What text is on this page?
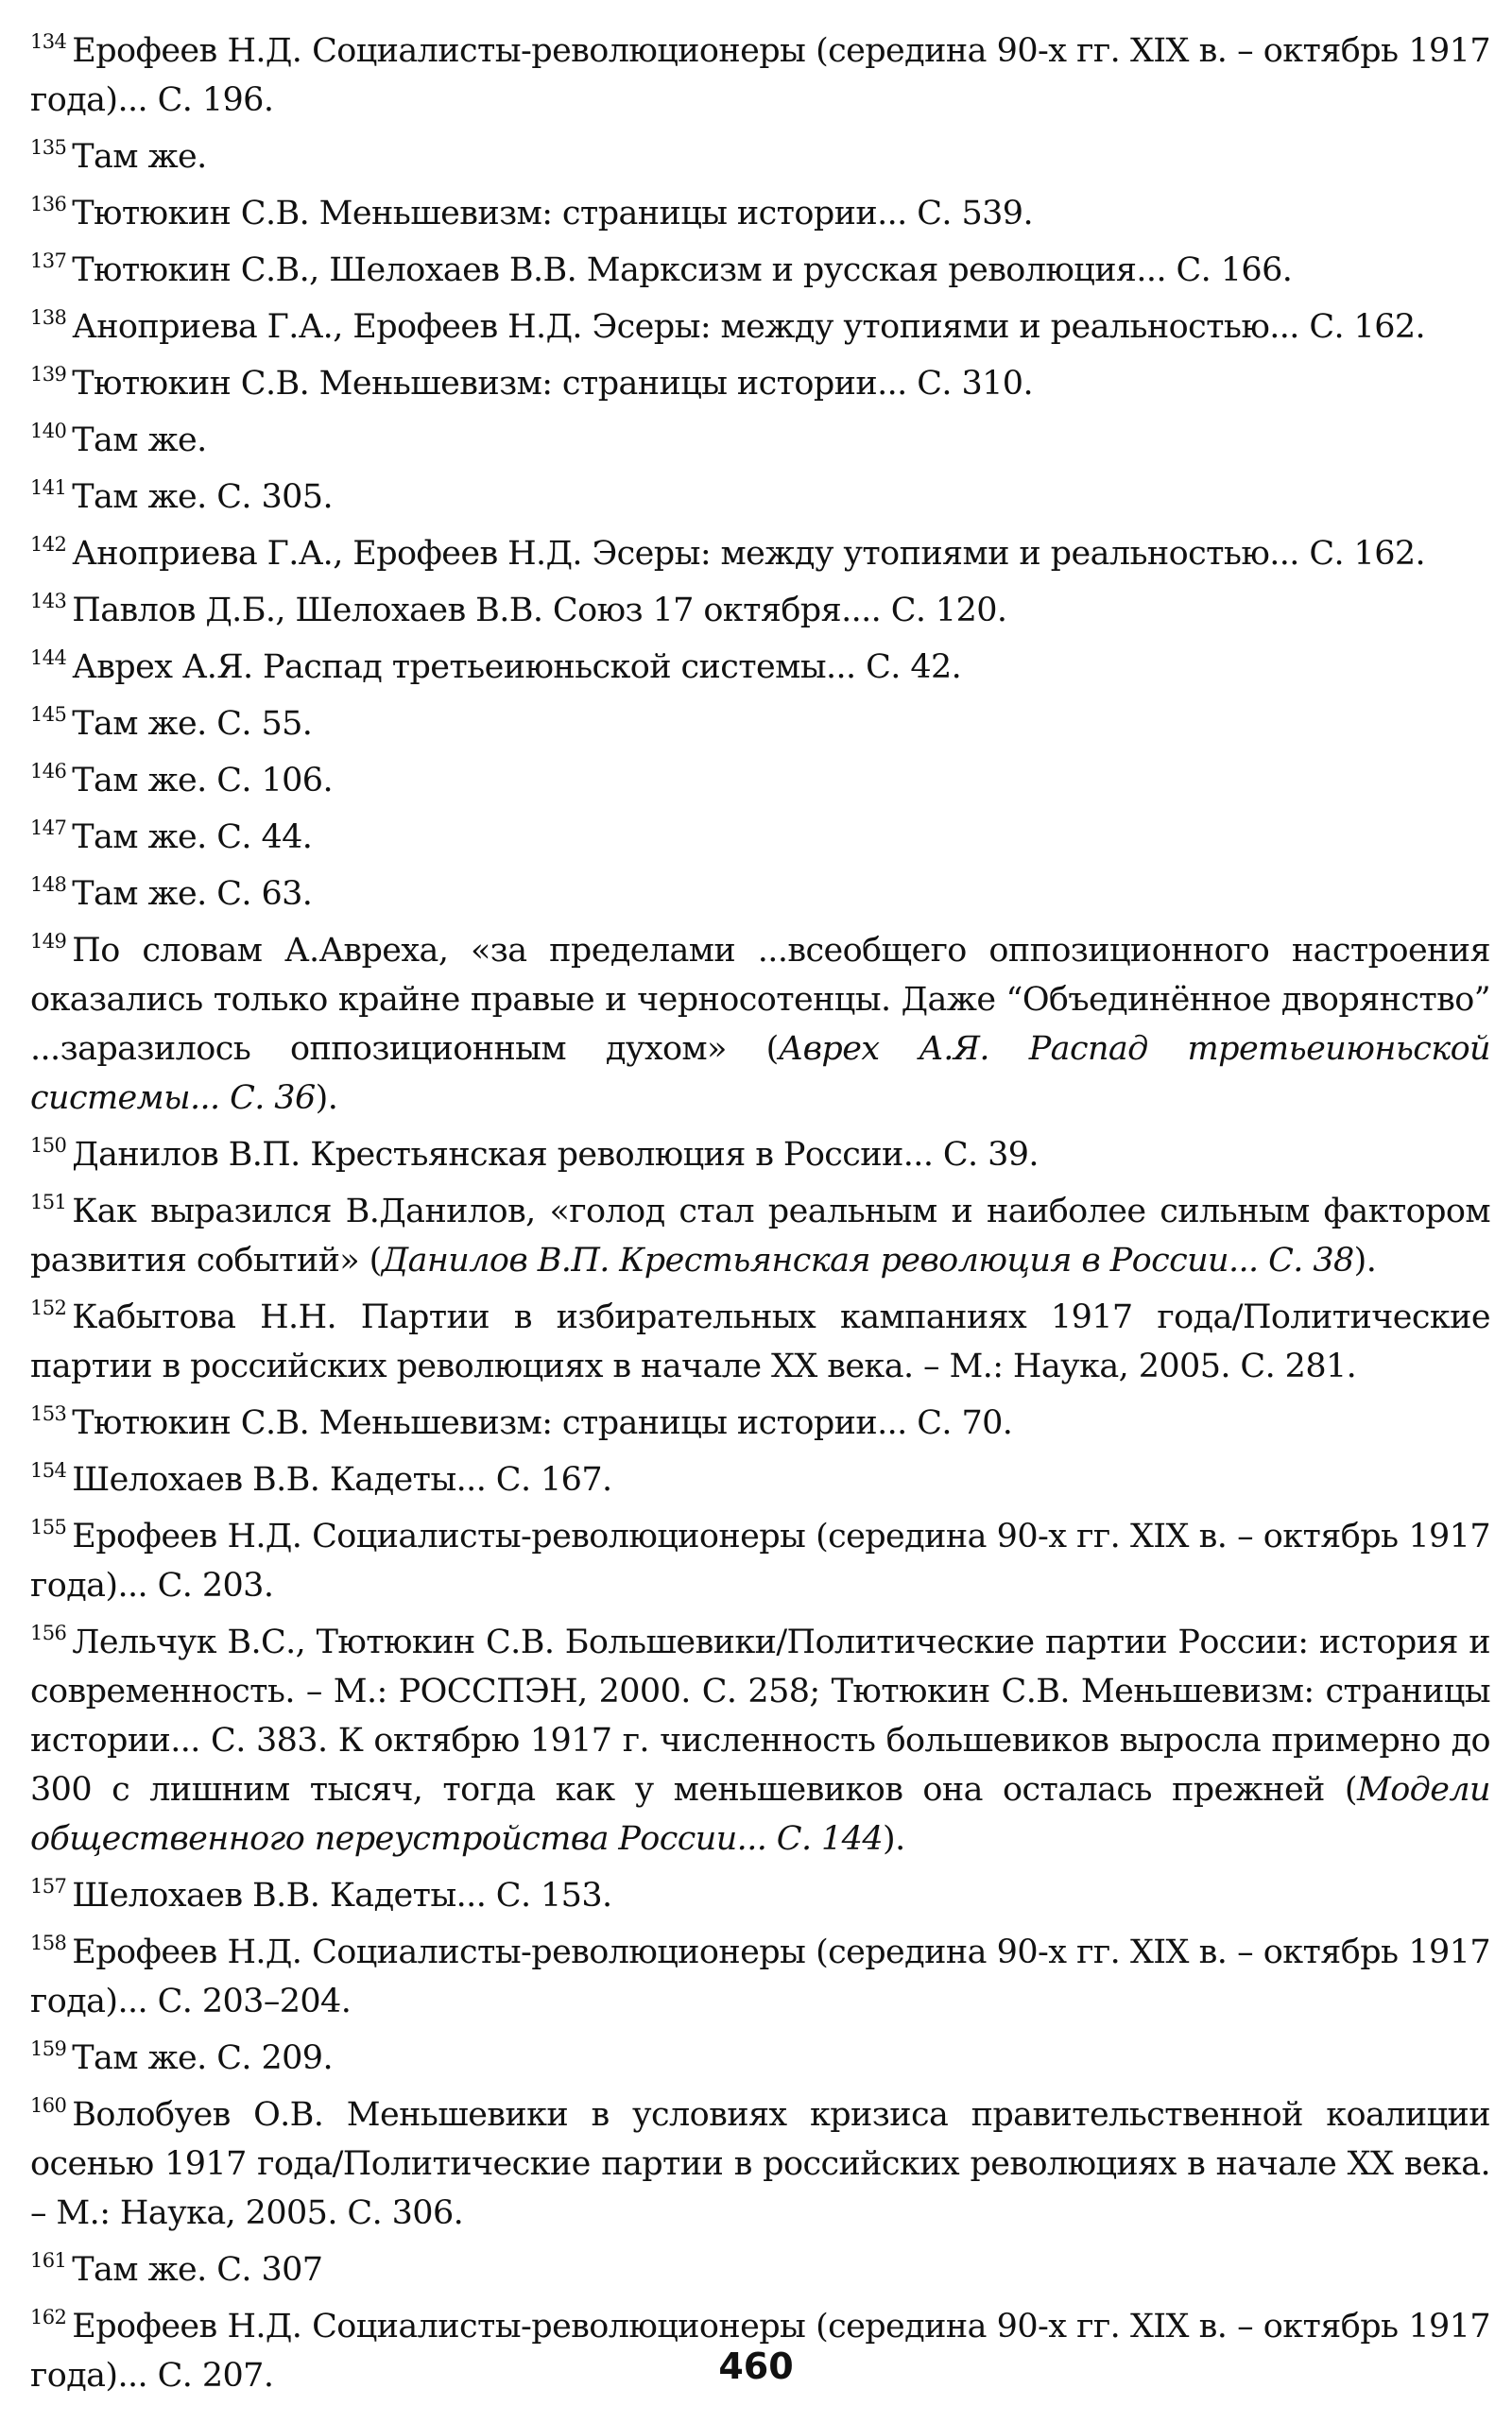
$^{134}$ Ерофеев Н.Д. Социалисты-революционеры (середина 90-х гг. XIX в. – октябрь 1917 года)... С. 196.

$^{135}$ Там же.

$^{136}$ Тютюкин С.В. Меньшевизм: страницы истории... С. 539.

$^{137}$ Тютюкин С.В., Шелохаев В.В. Марксизм и русская революция... С. 166.

$^{138}$ Аноприева Г.А., Ерофеев Н.Д. Эсеры: между утопиями и реальностью... С. 162.

$^{139}$ Тютюкин С.В. Меньшевизм: страницы истории... С. 310.

$^{140}$ Там же.

$^{141}$ Там же. С. 305.

$^{142}$ Аноприева Г.А., Ерофеев Н.Д. Эсеры: между утопиями и реальностью... С. 162.

$^{143}$ Павлов Д.Б., Шелохаев В.В. Союз 17 октября.... С. 120.

$^{144}$ Аврех А.Я. Распад третьеиюньской системы... С. 42.

$^{145}$ Там же. С. 55.

$^{146}$ Там же. С. 106.

$^{147}$ Там же. С. 44.

$^{148}$ Там же. С. 63.

$^{149}$ По словам А.Авреха, «за пределами ...всеобщего оппозиционного настроения оказались только крайне правые и черносотенцы. Даже “Объединённое дворянство” ...заразилось оппозиционным духом» (Аврех А.Я. Распад третьеиюньской системы... С. 36).

$^{150}$ Данилов В.П. Крестьянская революция в России... С. 39.

$^{151}$ Как выразился В.Данилов, «голод стал реальным и наиболее сильным фактором развития событий» (Данилов В.П. Крестьянская революция в России... С. 38).

$^{152}$ Кабытова Н.Н. Партии в избирательных кампаниях 1917 года/Политические партии в российских революциях в начале XX века. – М.: Наука, 2005. С. 281.

$^{153}$ Тютюкин С.В. Меньшевизм: страницы истории... С. 70.

$^{154}$ Шелохаев В.В. Кадеты... С. 167.

$^{155}$ Ерофеев Н.Д. Социалисты-революционеры (середина 90-х гг. XIX в. – октябрь 1917 года)... С. 203.

$^{156}$ Лельчук В.С., Тютюкин С.В. Большевики/Политические партии России: история и современность. – М.: РОССПЭН, 2000. С. 258; Тютюкин С.В. Меньшевизм: страницы истории... С. 383. К октябрю 1917 г. численность большевиков выросла примерно до 300 с лишним тысяч, тогда как у меньшевиков она осталась прежней (Модели общественного переустройства России... С. 144).

$^{157}$ Шелохаев В.В. Кадеты... С. 153.

$^{158}$ Ерофеев Н.Д. Социалисты-революционеры (середина 90-х гг. XIX в. – октябрь 1917 года)... С. 203–204.

$^{159}$ Там же. С. 209.

$^{160}$ Волобуев О.В. Меньшевики в условиях кризиса правительственной коалиции осенью 1917 года/Политические партии в российских революциях в начале XX века. – М.: Наука, 2005. С. 306.

$^{161}$ Там же. С. 307

$^{162}$ Ерофеев Н.Д. Социалисты-революционеры (середина 90-х гг. XIX в. – октябрь 1917 года)... С. 207.	460
